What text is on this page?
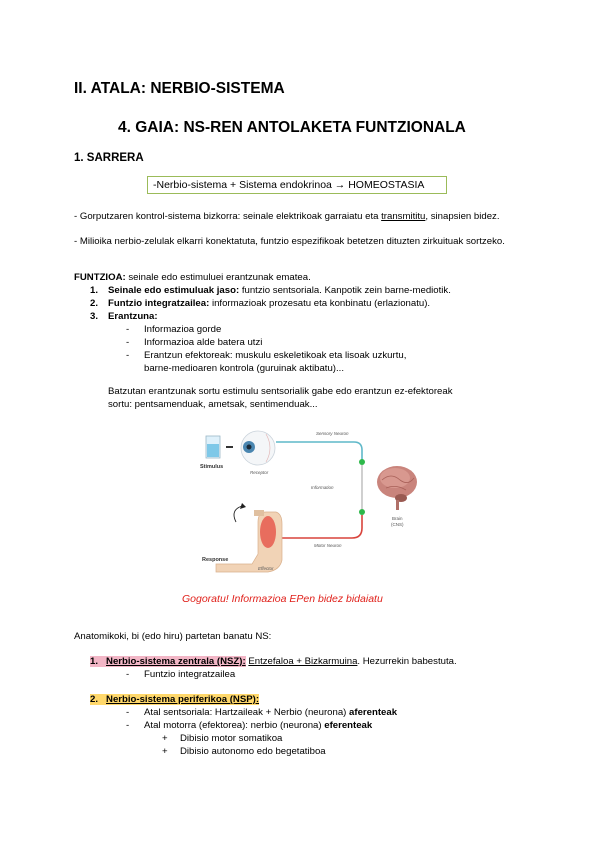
II. ATALA: NERBIO-SISTEMA
4. GAIA: NS-REN ANTOLAKETA FUNTZIONALA
1. SARRERA
-Nerbio-sistema + Sistema endokrinoa → HOMEOSTASIA
- Gorputzaren kontrol-sistema bizkorra: seinale elektrikoak garraiatu eta transmititu, sinapsien bidez.
- Milioika nerbio-zelulak elkarri konektatuta, funtzio espezifikoak betetzen dituzten zirkuituak sortzeko.
FUNTZIOA: seinale edo estimuluei erantzunak ematea.
1. Seinale edo estimuluak jaso: funtzio sentsoriala. Kanpotik zein barne-mediotik.
2. Funtzio integratzailea: informazioak prozesatu eta konbinatu (erlazionatu).
3. Erantzuna:
- Informazioa gorde
- Informazioa alde batera utzi
- Erantzun efektoreak: muskulu eskeletikoak eta lisoak uzkurtu,
barne-medioaren kontrola (guruinak aktibatu)...
Batzutan erantzunak sortu estimulu sentsorialik gabe edo erantzun ez-efektoreak
sortu: pentsamenduak, ametsak, sentimenduak...
Stimulus
Receptor
Sensory Neuron
Information
Motor Neuron
Brain
(CNS)
Response
Effector
Gogoratu! Informazioa EPen bidez bidaiatu
Anatomikoki, bi (edo hiru) partetan banatu NS:
1. Nerbio-sistema zentrala (NSZ): Entzefaloa + Bizkarmuina. Hezurrekin babestuta.
- Funtzio integratzailea
2. Nerbio-sistema periferikoa (NSP):
- Atal sentsoriala: Hartzaileak + Nerbio (neurona) aferenteak
- Atal motorra (efektorea): nerbio (neurona) eferenteak
+ Dibisio motor somatikoa
+ Dibisio autonomo edo begetatiboa
